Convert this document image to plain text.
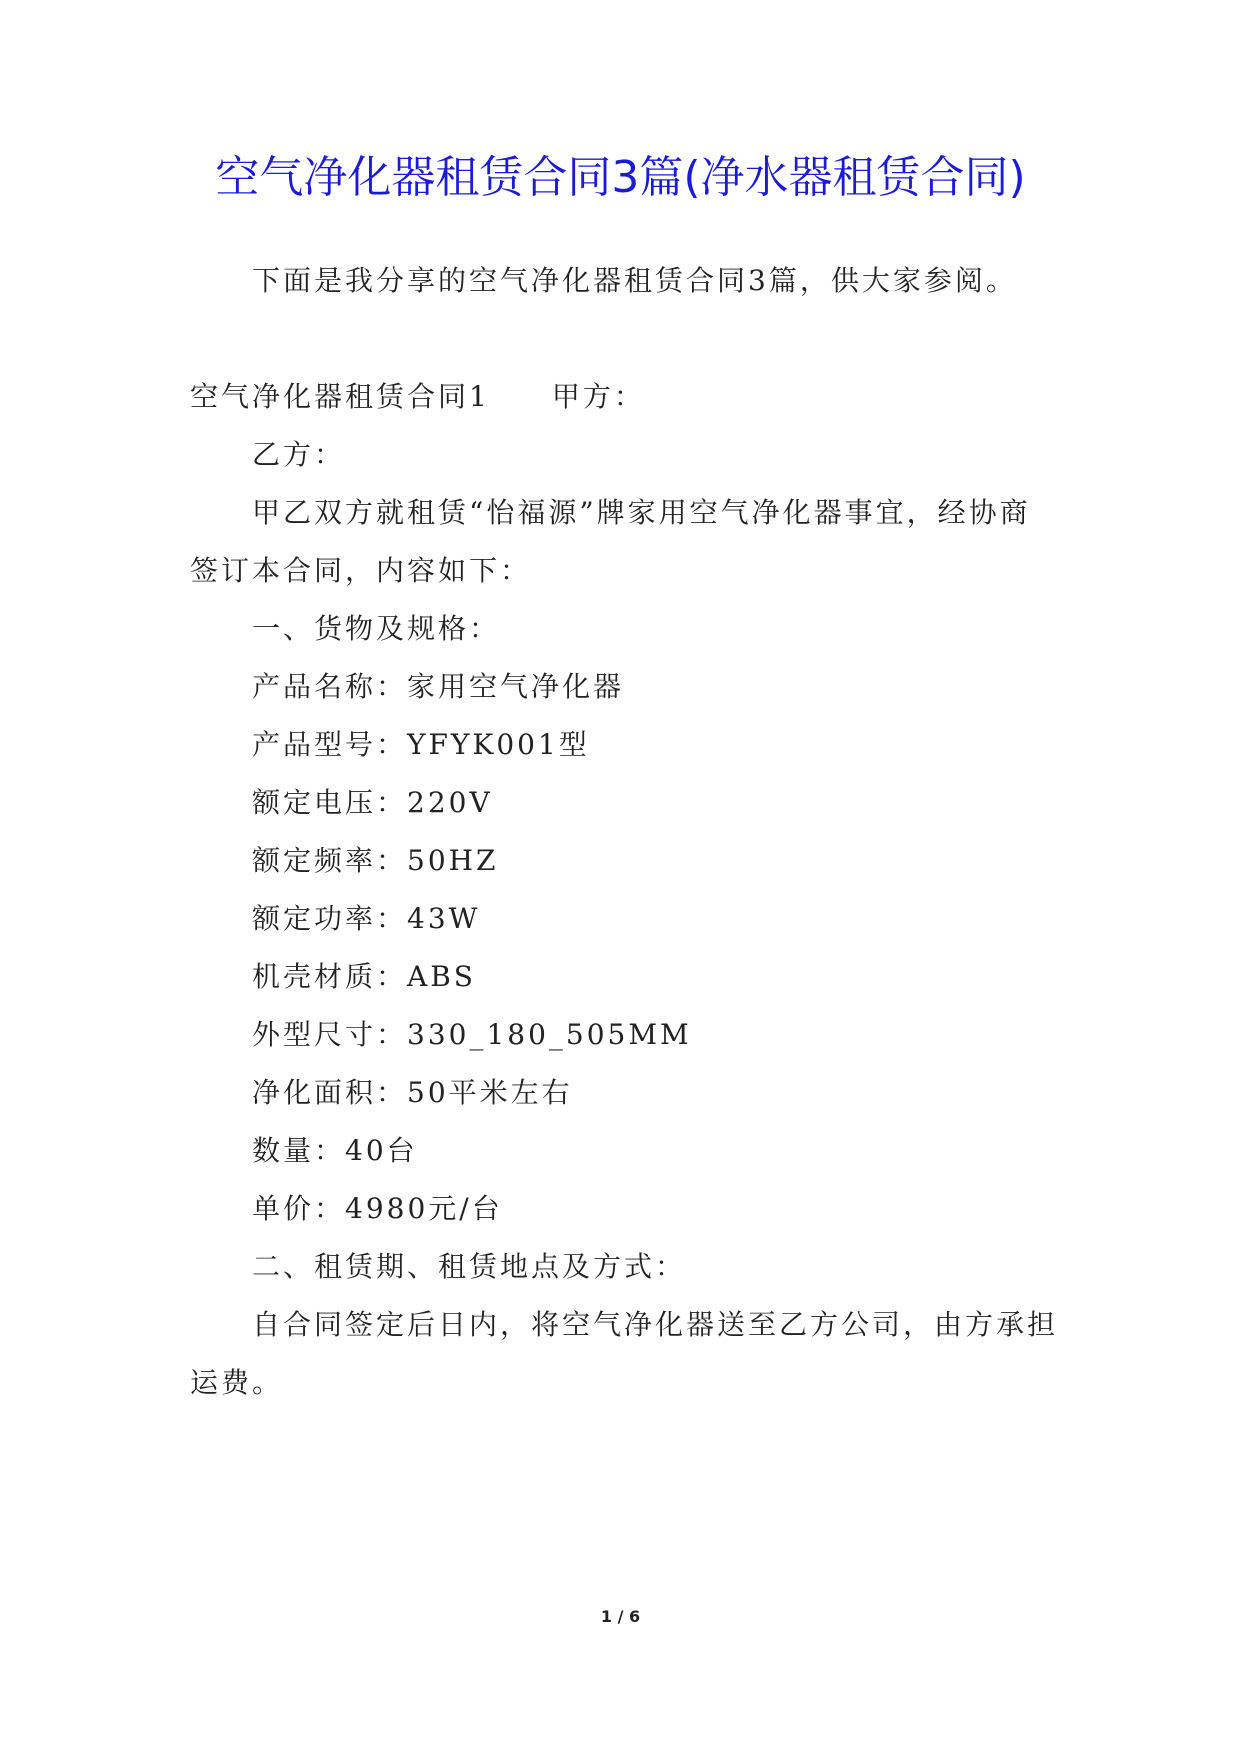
空气净化器租赁合同3篇(净水器租赁合同)
下面是我分享的空气净化器租赁合同3篇，供大家参阅。
空气净化器租赁合同1 甲方：
乙方：
甲乙双方就租赁“怡福源”牌家用空气净化器事宜，经协商
签订本合同，内容如下：
一、货物及规格：
产品名称：家用空气净化器
产品型号：YFYK001型
额定电压：220V
额定频率：50HZ
额定功率：43W
机壳材质：ABS
外型尺寸：330_180_505MM
净化面积：50平米左右
数量：40台
单价：4980元/台
二、租赁期、租赁地点及方式：
自合同签定后日内，将空气净化器送至乙方公司，由方承担
运费。
1 / 6
